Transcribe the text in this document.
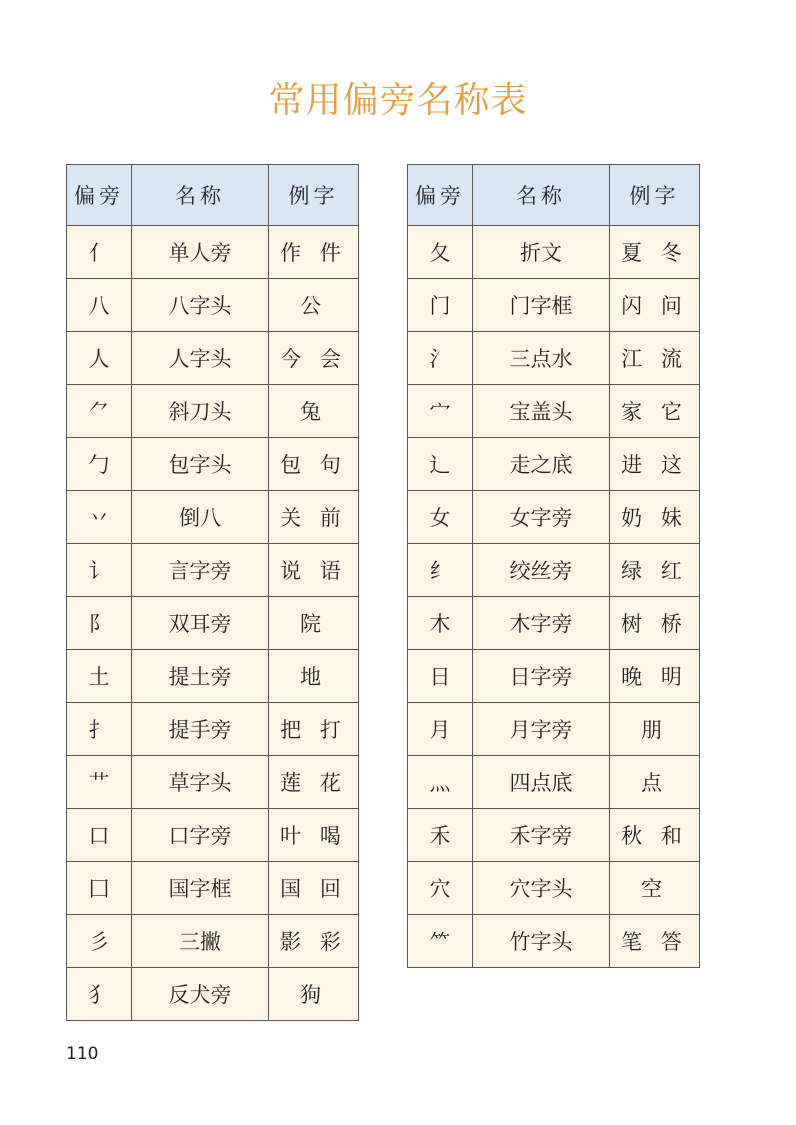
常用偏旁名称表
偏旁	名称	例字
亻	单人旁	作 件
八	八字头	公
人	人字头	今 会
⺈	斜刀头	兔
勹	包字头	包 句
丷	倒八	关 前
讠	言字旁	说 语
阝	双耳旁	院
土	提土旁	地
扌	提手旁	把 打
艹	草字头	莲 花
口	口字旁	叶 喝
囗	国字框	国 回
彡	三撇	影 彩
犭	反犬旁	狗
偏旁	名称	例字
夂	折文	夏 冬
门	门字框	闪 问
氵	三点水	江 流
宀	宝盖头	家 它
辶	走之底	进 这
女	女字旁	奶 妹
纟	绞丝旁	绿 红
木	木字旁	树 桥
日	日字旁	晚 明
月	月字旁	朋
灬	四点底	点
禾	禾字旁	秋 和
穴	穴字头	空
⺮	竹字头	笔 答
110
